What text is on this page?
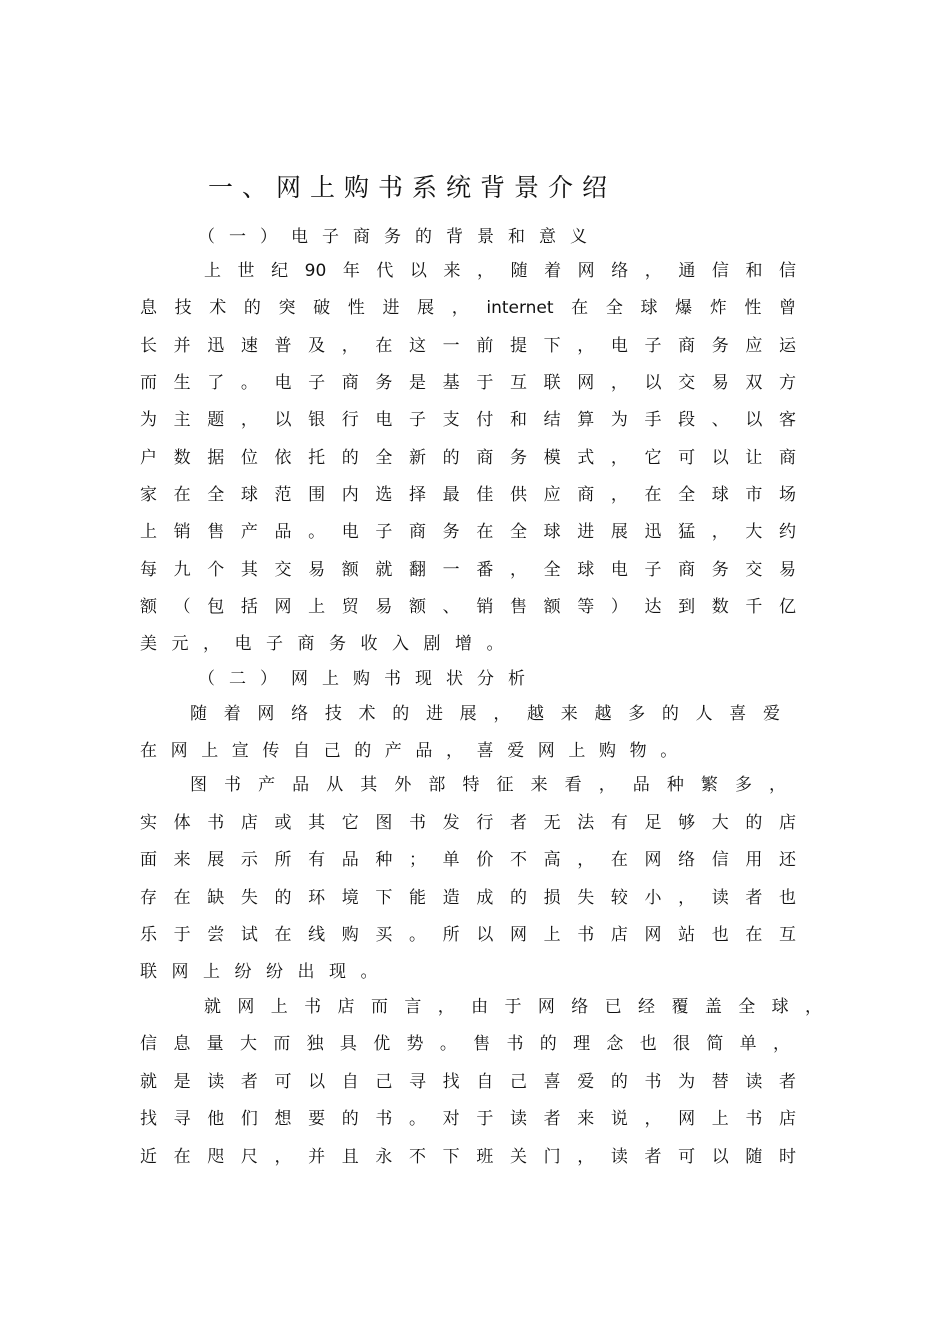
一、网上购书系统背景介绍
（一）电子商务的背景和意义
上世纪90年代以来，随着网络，通信和信
息技术的突破性进展，internet在全球爆炸性曾
长并迅速普及，在这一前提下，电子商务应运
而生了。电子商务是基于互联网，以交易双方
为主题，以银行电子支付和结算为手段、以客
户数据位依托的全新的商务模式，它可以让商
家在全球范围内选择最佳供应商，在全球市场
上销售产品。电子商务在全球进展迅猛，大约
每九个其交易额就翻一番，全球电子商务交易
额（包括网上贸易额、销售额等）达到数千亿
美元，电子商务收入剧增。
（二）网上购书现状分析
随着网络技术的进展，越来越多的人喜爱
在网上宣传自己的产品，喜爱网上购物。
图书产品从其外部特征来看，品种繁多，
实体书店或其它图书发行者无法有足够大的店
面来展示所有品种；单价不高，在网络信用还
存在缺失的环境下能造成的损失较小，读者也
乐于尝试在线购买。所以网上书店网站也在互
联网上纷纷出现。
就网上书店而言，由于网络已经覆盖全球，
信息量大而独具优势。售书的理念也很简单，
就是读者可以自己寻找自己喜爱的书为替读者
找寻他们想要的书。对于读者来说，网上书店
近在咫尺，并且永不下班关门，读者可以随时
